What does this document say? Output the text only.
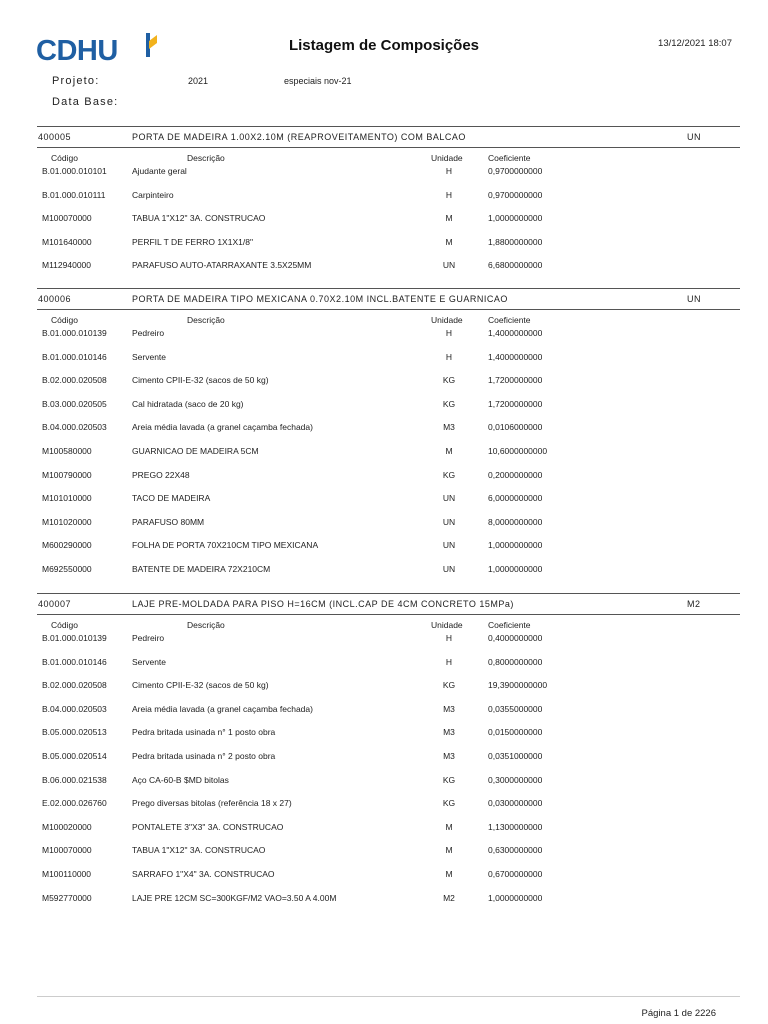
CDHU	Listagem de Composições	13/12/2021 18:07
Projeto:	2021	especiais nov-21
Data Base:
400005	PORTA DE MADEIRA 1.00X2.10M (REAPROVEITAMENTO) COM BALCAO	UN
Código	Descrição	Unidade	Coeficiente
B.01.000.010101	Ajudante geral	H	0,9700000000
B.01.000.010111	Carpinteiro	H	0,9700000000
M100070000	TABUA 1"X12" 3A. CONSTRUCAO	M	1,0000000000
M101640000	PERFIL T DE FERRO 1X1X1/8"	M	1,8800000000
M112940000	PARAFUSO AUTO-ATARRAXANTE 3.5X25MM	UN	6,6800000000
400006	PORTA DE MADEIRA TIPO MEXICANA 0.70X2.10M INCL.BATENTE E GUARNICAO	UN
Código	Descrição	Unidade	Coeficiente
B.01.000.010139	Pedreiro	H	1,4000000000
B.01.000.010146	Servente	H	1,4000000000
B.02.000.020508	Cimento CPII-E-32 (sacos de 50 kg)	KG	1,7200000000
B.03.000.020505	Cal hidratada (saco de 20 kg)	KG	1,7200000000
B.04.000.020503	Areia média lavada (a granel caçamba fechada)	M3	0,0106000000
M100580000	GUARNICAO DE MADEIRA 5CM	M	10,6000000000
M100790000	PREGO 22X48	KG	0,2000000000
M101010000	TACO DE MADEIRA	UN	6,0000000000
M101020000	PARAFUSO 80MM	UN	8,0000000000
M600290000	FOLHA DE PORTA 70X210CM TIPO MEXICANA	UN	1,0000000000
M692550000	BATENTE DE MADEIRA 72X210CM	UN	1,0000000000
400007	LAJE PRE-MOLDADA PARA PISO H=16CM (INCL.CAP DE 4CM CONCRETO 15MPa)	M2
Código	Descrição	Unidade	Coeficiente
B.01.000.010139	Pedreiro	H	0,4000000000
B.01.000.010146	Servente	H	0,8000000000
B.02.000.020508	Cimento CPII-E-32 (sacos de 50 kg)	KG	19,3900000000
B.04.000.020503	Areia média lavada (a granel caçamba fechada)	M3	0,0355000000
B.05.000.020513	Pedra britada usinada n° 1 posto obra	M3	0,0150000000
B.05.000.020514	Pedra britada usinada n° 2 posto obra	M3	0,0351000000
B.06.000.021538	Aço CA-60-B $MD bitolas	KG	0,3000000000
E.02.000.026760	Prego diversas bitolas (referência 18 x 27)	KG	0,0300000000
M100020000	PONTALETE 3"X3" 3A. CONSTRUCAO	M	1,1300000000
M100070000	TABUA 1"X12" 3A. CONSTRUCAO	M	0,6300000000
M100110000	SARRAFO 1"X4" 3A. CONSTRUCAO	M	0,6700000000
M592770000	LAJE PRE 12CM SC=300KGF/M2 VAO=3.50 A 4.00M	M2	1,0000000000
Página 1 de 2226
